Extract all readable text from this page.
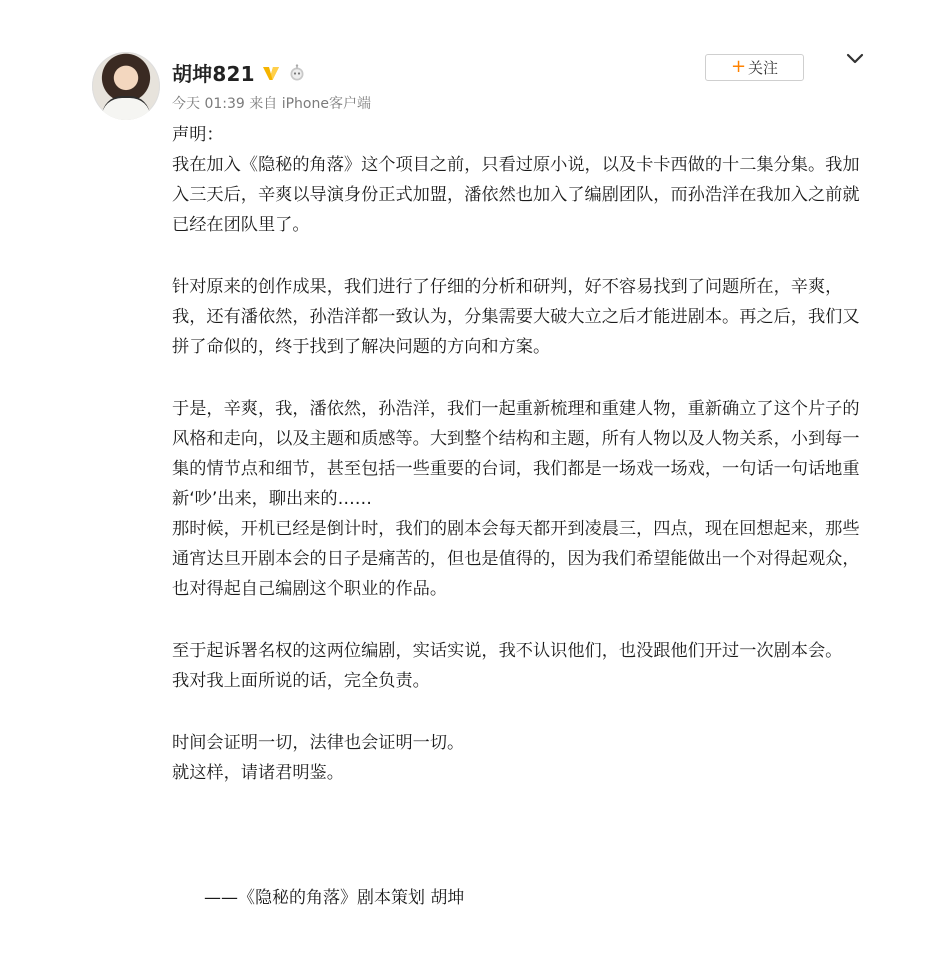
胡坤821
今天 01:39 来自 iPhone客户端
+ 关注

声明：

我在加入《隐秘的角落》这个项目之前，只看过原小说，以及卡卡西做的十二集分集。我加入三天后，辛爽以导演身份正式加盟，潘依然也加入了编剧团队，而孙浩洋在我加入之前就已经在团队里了。

针对原来的创作成果，我们进行了仔细的分析和研判，好不容易找到了问题所在，辛爽，我，还有潘依然，孙浩洋都一致认为，分集需要大破大立之后才能进剧本。再之后，我们又拼了命似的，终于找到了解决问题的方向和方案。

于是，辛爽，我，潘依然，孙浩洋，我们一起重新梳理和重建人物，重新确立了这个片子的风格和走向，以及主题和质感等。大到整个结构和主题，所有人物以及人物关系，小到每一集的情节点和细节，甚至包括一些重要的台词，我们都是一场戏一场戏，一句话一句话地重新‘吵’出来，聊出来的……

那时候，开机已经是倒计时，我们的剧本会每天都开到凌晨三，四点，现在回想起来，那些通宵达旦开剧本会的日子是痛苦的，但也是值得的，因为我们希望能做出一个对得起观众，也对得起自己编剧这个职业的作品。

至于起诉署名权的这两位编剧，实话实说，我不认识他们，也没跟他们开过一次剧本会。

我对我上面所说的话，完全负责。

时间会证明一切，法律也会证明一切。

就这样，请诸君明鉴。

——《隐秘的角落》剧本策划 胡坤
